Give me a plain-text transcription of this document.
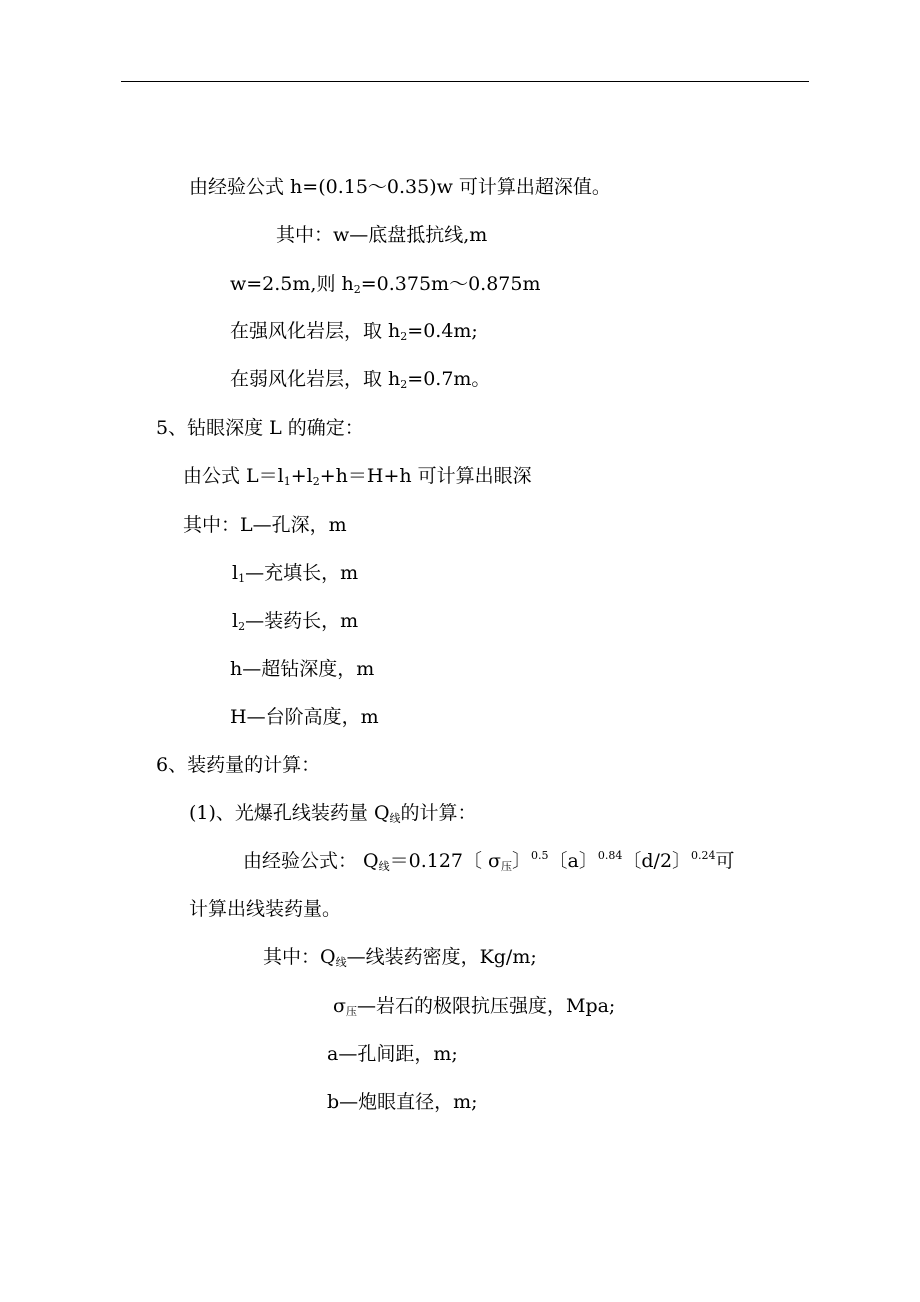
由经验公式 h=(0.15～0.35)w 可计算出超深值。
其中：w—底盘抵抗线,m
w=2.5m,则 $h_2=0.375m\sim 0.875m$
在强风化岩层，取 $h_2=0.4m$;
在弱风化岩层，取 $h_2=0.7m$。
5、钻眼深度 L 的确定：
由公式 $L=l_1+l_2+h=H+h$ 可计算出眼深
其中：L—孔深，m
$l_1—$充填长，m
$l_2—$装药长，m
h—超钻深度，m
H—台阶高度，m
6、装药量的计算：
(1)、光爆孔线装药量 $Q_线$的计算：
由经验公式： $Q_线=0.127$〔 $\sigma_压$〕$^{0.5}$〔a〕$^{0.84}$〔d/2〕$^{0.24}$可
计算出线装药量。
其中：$Q_线—$线装药密度，Kg/m;
$\sigma_压—$岩石的极限抗压强度，Mpa;
a—孔间距，m;
b—炮眼直径，m;
